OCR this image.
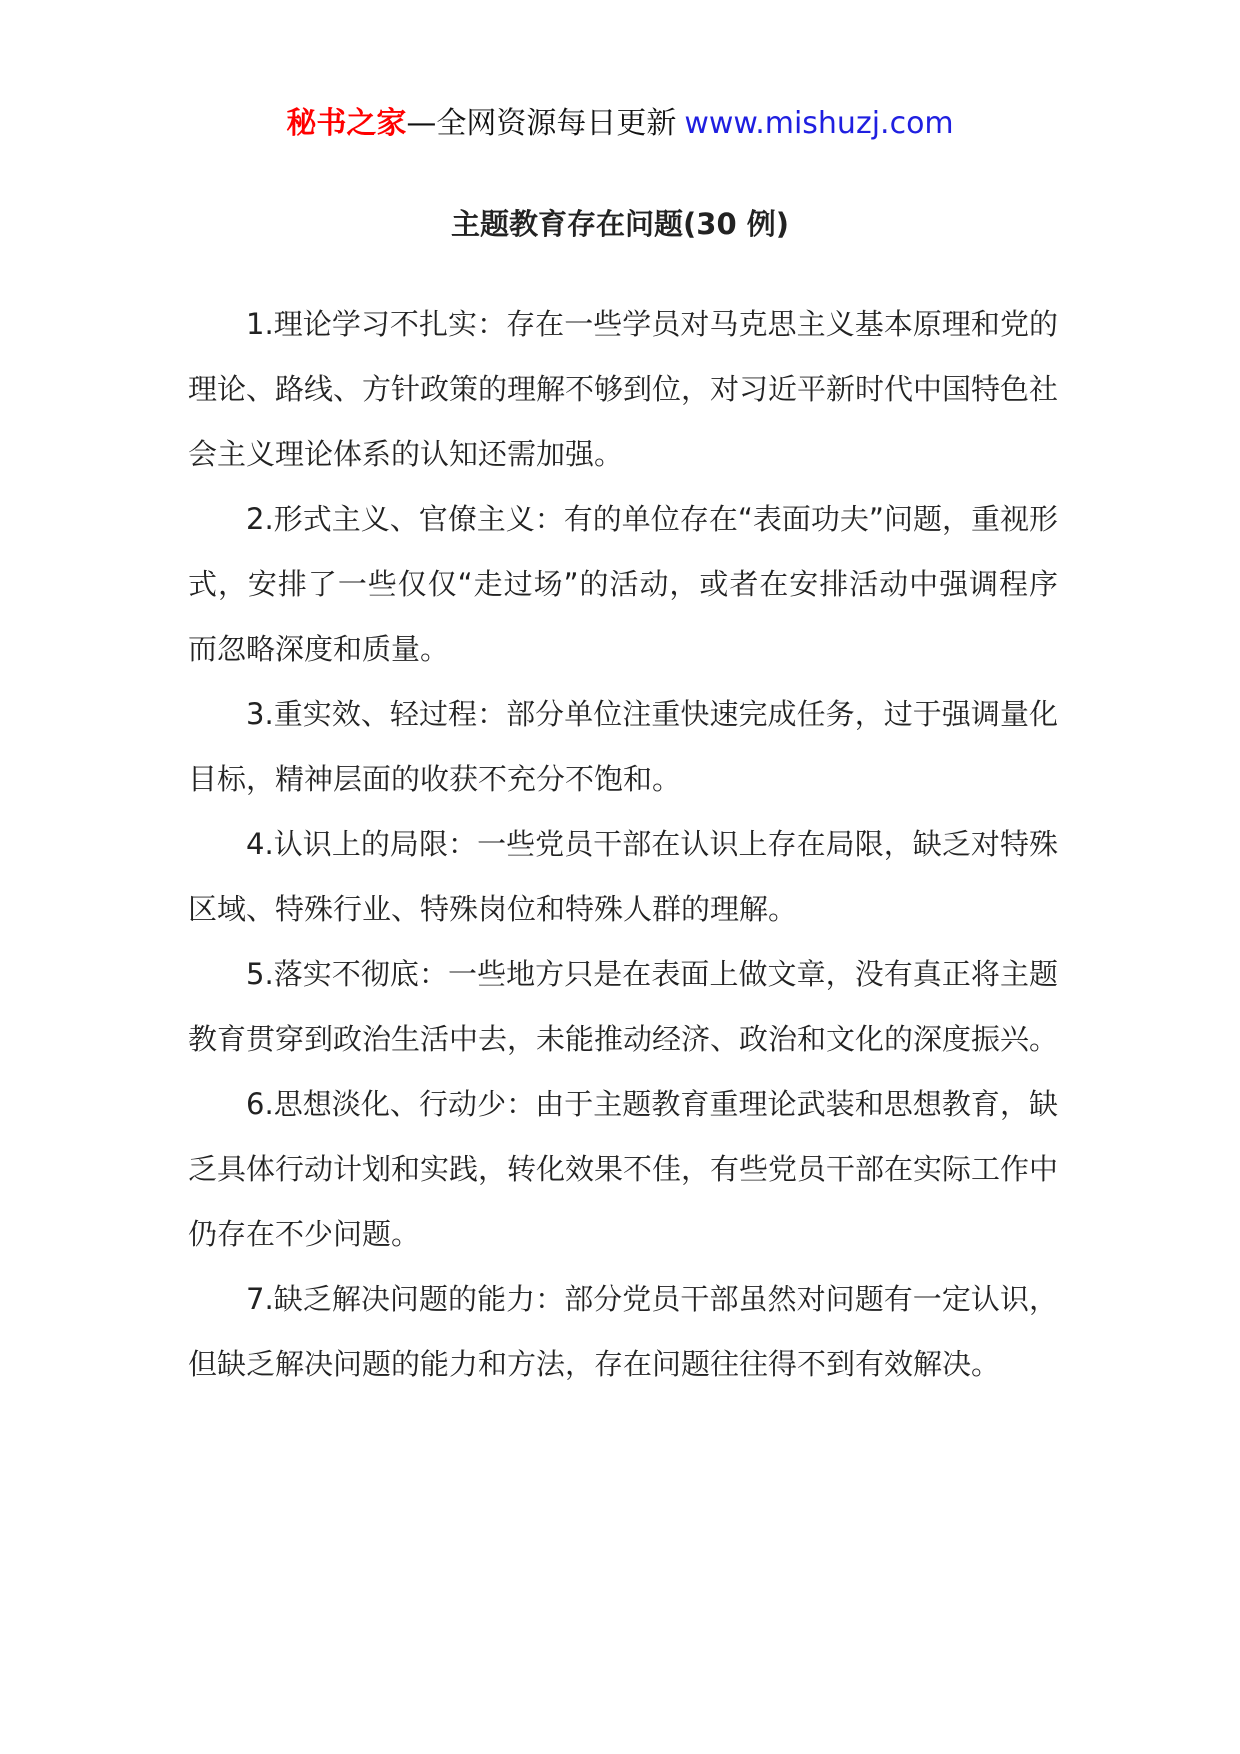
秘书之家—全网资源每日更新 www.mishuzj.com
主题教育存在问题(30 例)

1.理论学习不扎实：存在一些学员对马克思主义基本原理和党的理论、路线、方针政策的理解不够到位，对习近平新时代中国特色社会主义理论体系的认知还需加强。

2.形式主义、官僚主义：有的单位存在“表面功夫”问题，重视形式，安排了一些仅仅“走过场”的活动，或者在安排活动中强调程序而忽略深度和质量。

3.重实效、轻过程：部分单位注重快速完成任务，过于强调量化目标，精神层面的收获不充分不饱和。

4.认识上的局限：一些党员干部在认识上存在局限，缺乏对特殊区域、特殊行业、特殊岗位和特殊人群的理解。

5.落实不彻底：一些地方只是在表面上做文章，没有真正将主题教育贯穿到政治生活中去，未能推动经济、政治和文化的深度振兴。

6.思想淡化、行动少：由于主题教育重理论武装和思想教育，缺乏具体行动计划和实践，转化效果不佳，有些党员干部在实际工作中仍存在不少问题。

7.缺乏解决问题的能力：部分党员干部虽然对问题有一定认识，但缺乏解决问题的能力和方法，存在问题往往得不到有效解决。
